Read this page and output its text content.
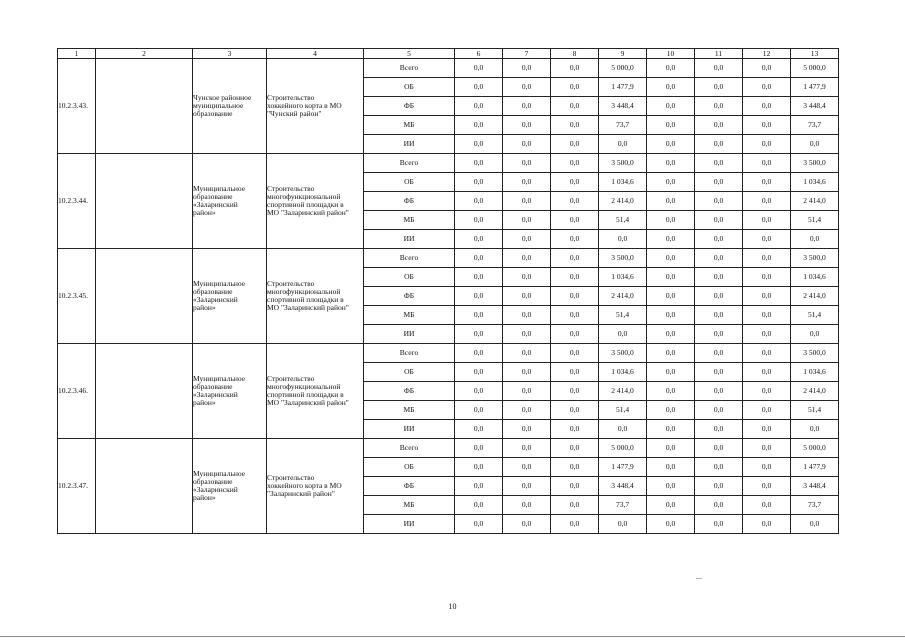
1	2	3	4	5	6	7	8	9	10	11	12	13
10.2.3.43.		Чунское районное
муниципальное
образование	Строительство
хоккейного корта в МО
"Чунский район"	Всего	0,0	0,0	0,0	5 000,0	0,0	0,0	0,0	5 000,0
				ОБ	0,0	0,0	0,0	1 477,9	0,0	0,0	0,0	1 477,9
				ФБ	0,0	0,0	0,0	3 448,4	0,0	0,0	0,0	3 448,4
				МБ	0,0	0,0	0,0	73,7	0,0	0,0	0,0	73,7
				ИИ	0,0	0,0	0,0	0,0	0,0	0,0	0,0	0,0
10.2.3.44.		Муниципальное
образование
«Заларинский
район»	Строительство
многофункциональной
спортивной площадки в
МО "Заларинский район"	Всего	0,0	0,0	0,0	3 500,0	0,0	0,0	0,0	3 500,0
				ОБ	0,0	0,0	0,0	1 034,6	0,0	0,0	0,0	1 034,6
				ФБ	0,0	0,0	0,0	2 414,0	0,0	0,0	0,0	2 414,0
				МБ	0,0	0,0	0,0	51,4	0,0	0,0	0,0	51,4
				ИИ	0,0	0,0	0,0	0,0	0,0	0,0	0,0	0,0
10.2.3.45.		Муниципальное
образование
«Заларинский
район»	Строительство
многофункциональной
спортивной площадки в
МО "Заларинский район"	Всего	0,0	0,0	0,0	3 500,0	0,0	0,0	0,0	3 500,0
				ОБ	0,0	0,0	0,0	1 034,6	0,0	0,0	0,0	1 034,6
				ФБ	0,0	0,0	0,0	2 414,0	0,0	0,0	0,0	2 414,0
				МБ	0,0	0,0	0,0	51,4	0,0	0,0	0,0	51,4
				ИИ	0,0	0,0	0,0	0,0	0,0	0,0	0,0	0,0
10.2.3.46.		Муниципальное
образование
«Заларинский
район»	Строительство
многофункциональной
спортивной площадки в
МО "Заларинский район"	Всего	0,0	0,0	0,0	3 500,0	0,0	0,0	0,0	3 500,0
				ОБ	0,0	0,0	0,0	1 034,6	0,0	0,0	0,0	1 034,6
				ФБ	0,0	0,0	0,0	2 414,0	0,0	0,0	0,0	2 414,0
				МБ	0,0	0,0	0,0	51,4	0,0	0,0	0,0	51,4
				ИИ	0,0	0,0	0,0	0,0	0,0	0,0	0,0	0,0
10.2.3.47.		Муниципальное
образование
«Заларинский
район»	Строительство
хоккейного корта в МО
"Заларинский район"	Всего	0,0	0,0	0,0	5 000,0	0,0	0,0	0,0	5 000,0
				ОБ	0,0	0,0	0,0	1 477,9	0,0	0,0	0,0	1 477,9
				ФБ	0,0	0,0	0,0	3 448,4	0,0	0,0	0,0	3 448,4
				МБ	0,0	0,0	0,0	73,7	0,0	0,0	0,0	73,7
				ИИ	0,0	0,0	0,0	0,0	0,0	0,0	0,0	0,0
10
